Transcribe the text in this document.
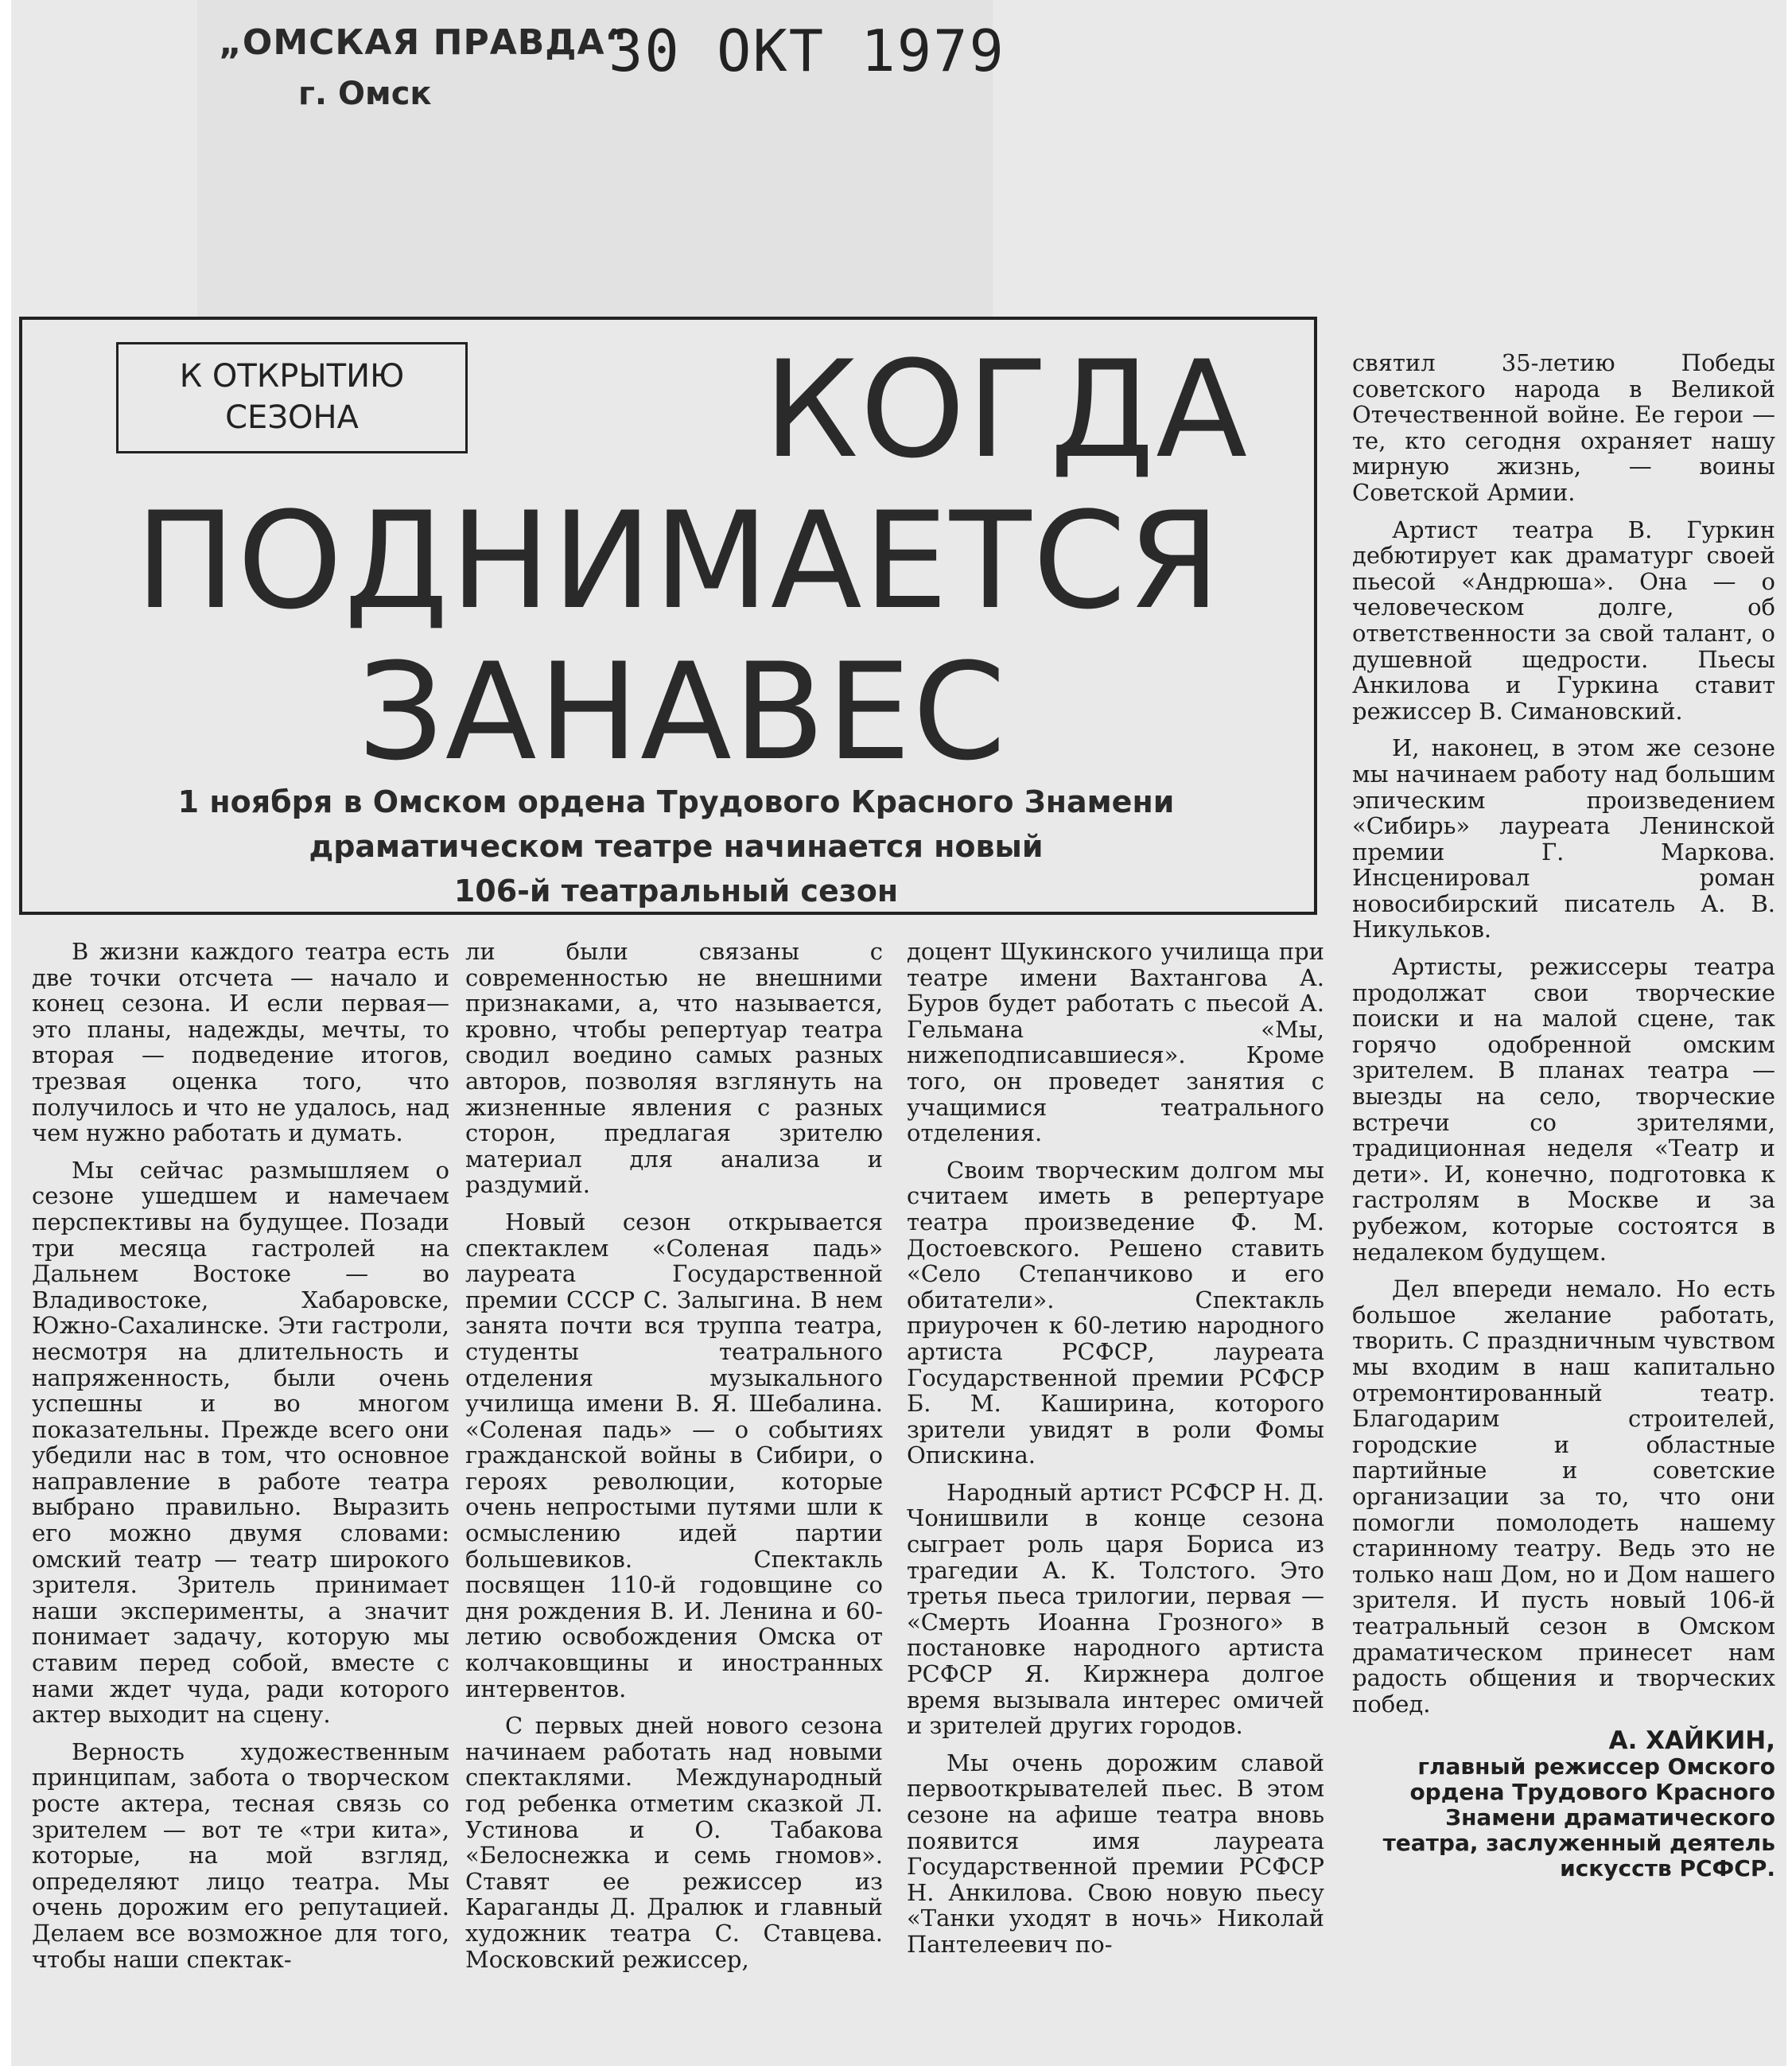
„ОМСКАЯ ПРАВДА“
г. Омск
30 ОКТ 1979
К ОТКРЫТИЮ
СЕЗОНА	КОГДА
ПОДНИМАЕТСЯ
ЗАНАВЕС
1 ноября в Омском ордена Трудового Красного Знамени
драматическом театре начинается новый
106-й театральный сезон

В жизни каждого театра есть две точки отсчета — начало и конец сезона. И если первая— это планы, надежды, мечты, то вторая — подведение итогов, трезвая оценка того, что получилось и что не удалось, над чем нужно работать и думать.

Мы сейчас размышляем о сезоне ушедшем и намечаем перспективы на будущее. Позади три месяца гастролей на Дальнем Востоке — во Владивостоке, Хабаровске, Южно-Сахалинске. Эти гастроли, несмотря на длительность и напряженность, были очень успешны и во многом показательны. Прежде всего они убедили нас в том, что основное направление в работе театра выбрано правильно. Выразить его можно двумя словами: омский театр — театр широкого зрителя. Зритель принимает наши эксперименты, а значит понимает задачу, которую мы ставим перед собой, вместе с нами ждет чуда, ради которого актер выходит на сцену.

Верность художественным принципам, забота о творческом росте актера, тесная связь со зрителем — вот те «три кита», которые, на мой взгляд, определяют лицо театра. Мы очень дорожим его репутацией. Делаем все возможное для того, чтобы наши спектак-

ли были связаны с современностью не внешними признаками, а, что называется, кровно, чтобы репертуар театра сводил воедино самых разных авторов, позволяя взглянуть на жизненные явления с разных сторон, предлагая зрителю материал для анализа и раздумий.

Новый сезон открывается спектаклем «Соленая падь» лауреата Государственной премии СССР С. Залыгина. В нем занята почти вся труппа театра, студенты театрального отделения музыкального училища имени В. Я. Шебалина. «Соленая падь» — о событиях гражданской войны в Сибири, о героях революции, которые очень непростыми путями шли к осмыслению идей партии большевиков. Спектакль посвящен 110-й годовщине со дня рождения В. И. Ленина и 60-летию освобождения Омска от колчаковщины и иностранных интервентов.

С первых дней нового сезона начинаем работать над новыми спектаклями. Международный год ребенка отметим сказкой Л. Устинова и О. Табакова «Белоснежка и семь гномов». Ставят ее режиссер из Караганды Д. Дралюк и главный художник театра С. Ставцева. Московский режиссер,

доцент Щукинского училища при театре имени Вахтангова А. Буров будет работать с пьесой А. Гельмана «Мы, нижеподписавшиеся». Кроме того, он проведет занятия с учащимися театрального отделения.

Своим творческим долгом мы считаем иметь в репертуаре театра произведение Ф. М. Достоевского. Решено ставить «Село Степанчиково и его обитатели». Спектакль приурочен к 60-летию народного артиста РСФСР, лауреата Государственной премии РСФСР Б. М. Каширина, которого зрители увидят в роли Фомы Опискина.

Народный артист РСФСР Н. Д. Чонишвили в конце сезона сыграет роль царя Бориса из трагедии А. К. Толстого. Это третья пьеса трилогии, первая — «Смерть Иоанна Грозного» в постановке народного артиста РСФСР Я. Киржнера долгое время вызывала интерес омичей и зрителей других городов.

Мы очень дорожим славой первооткрывателей пьес. В этом сезоне на афише театра вновь появится имя лауреата Государственной премии РСФСР Н. Анкилова. Свою новую пьесу «Танки уходят в ночь» Николай Пантелеевич по-

святил 35-летию Победы советского народа в Великой Отечественной войне. Ее герои — те, кто сегодня охраняет нашу мирную жизнь, — воины Советской Армии.

Артист театра В. Гуркин дебютирует как драматург своей пьесой «Андрюша». Она — о человеческом долге, об ответственности за свой талант, о душевной щедрости. Пьесы Анкилова и Гуркина ставит режиссер В. Симановский.

И, наконец, в этом же сезоне мы начинаем работу над большим эпическим произведением «Сибирь» лауреата Ленинской премии Г. Маркова. Инсценировал роман новосибирский писатель А. В. Никульков.

Артисты, режиссеры театра продолжат свои творческие поиски и на малой сцене, так горячо одобренной омским зрителем. В планах театра — выезды на село, творческие встречи со зрителями, традиционная неделя «Театр и дети». И, конечно, подготовка к гастролям в Москве и за рубежом, которые состоятся в недалеком будущем.

Дел впереди немало. Но есть большое желание работать, творить. С праздничным чувством мы входим в наш капитально отремонтированный театр. Благодарим строителей, городские и областные партийные и советские организации за то, что они помогли помолодеть нашему старинному театру. Ведь это не только наш Дом, но и Дом нашего зрителя. И пусть новый 106-й театральный сезон в Омском драматическом принесет нам радость общения и творческих побед.

А. ХАЙКИН,
главный режиссер Омского
ордена Трудового Красного
Знамени драматического
театра, заслуженный деятель
искусств РСФСР.
